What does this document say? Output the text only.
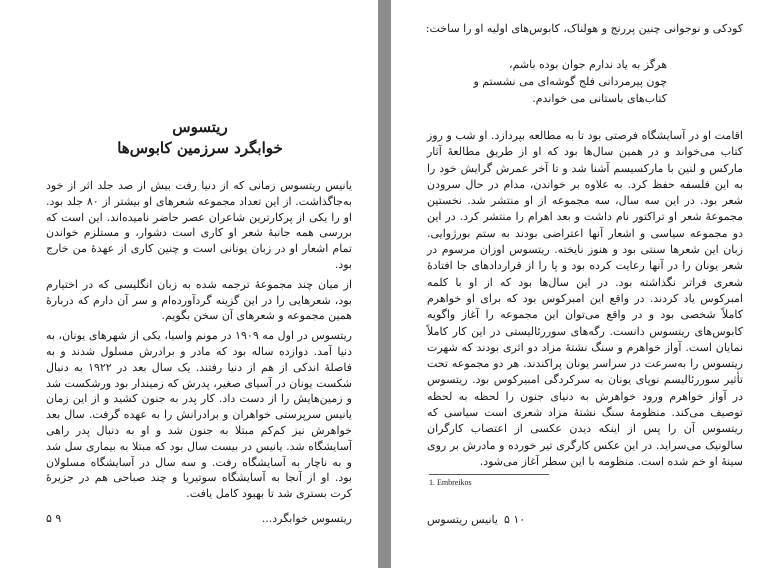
ریتسوس
خوابگرد سرزمین کابوس‌ها

یانیس ریتسوس زمانی که از دنیا رفت بیش از صد جلد اثر از خود به‌جاگذاشت. از این تعداد مجموعه شعرهای او بیشتر از ۸۰ جلد بود. او را یکی از پرکارترین شاعران عصر حاضر نامیده‌اند. این است که بررسی همه جانبهٔ شعر او کاری است دشوار، و مستلزم خواندن تمام اشعار او در زبان یونانی است و چنین کاری از عهدهٔ من خارج بود.

از میان چند مجموعهٔ ترجمه شده به زبان انگلیسی که در اختیارم بود، شعرهایی را در این گزینه گردآورده‌ام و سر آن دارم که درباره‌ٔ همین مجموعه و شعرهای آن سخن بگویم.

ریتسوس در اول مه ۱۹۰۹ در مونم واسیا، یکی از شهرهای یونان، به دنیا آمد. دوازده ساله بود که مادر و برادرش مسلول شدند و به فاصلهٔ اندکی از هم از دنیا رفتند. یک سال بعد در ۱۹۲۲ به دنبال شکست یونان در آسیای صغیر، پدرش که زمیندار بود ورشکست شد و زمین‌هایش را از دست داد. کار پدر به جنون کشید و از این زمان یانیس سرپرستی خواهران و برادرانش را به عهده گرفت. سال بعد خواهرش نیز کم‌کم مبتلا به جنون شد و او به دنبال پدر راهی آسایشگاه شد. یانیس در بیست سال بود که مبتلا به بیماری سل شد و به ناچار به آسایشگاه رفت. و سه سال در آسایشگاه مسلولان بود. او از آنجا به آسایشگاه سوتیریا و چند صباحی هم در جزیرهٔ کرت بستری شد تا بهبود کامل یافت.

ریتسوس خوابگرد...
۹ ۵
کودکی و نوجوانی چنین پررنج و هولناک، کابوس‌های اولیه او را ساخت:
هرگز به یاد ندارم جوان بوده باشم،
چون پیرمردانی فلج گوشه‌ای می نشستم و
کتاب‌های باستانی می خواندم.

اقامت او در آسایشگاه فرصتی بود تا به مطالعه بپردازد. او شب و روز کتاب می‌خواند و در همین سال‌ها بود که او از طریق مطالعهٔ آثار مارکس و لنین با مارکسیسم آشنا شد و تا آخر عمرش گرایش خود را به این فلسفه حفظ کرد. به علاوه بر خواندن، مدام در حال سرودن شعر بود. در این سه سال، سه مجموعه از او منتشر شد. نخستین مجموعهٔ شعر او تراکتور نام داشت و بعد اهرام را منتشر کرد. در این دو مجموعه سیاسی و اشعار آنها اعتراضی بودند به ستم بورژوایی. زبان این شعرها سنتی بود و هنوز نایخته. ریتسوس اوزان مرسوم در شعر یونان را در آنها رعایت کرده بود و پا را از قراردادهای جا افتادهٔ شعری فراتر نگذاشته بود. در این سال‌ها بود که از او با کلمه امبرکوس یاد کردند. در واقع این امبرکوس بود که برای او خواهرم کاملاً شخصی بود و در واقع می‌توان این مجموعه را آغاز واگویه کابوس‌های ریتسوس دانست. رگه‌های سوررئالیستی در این کار کاملاً نمایان است. آواز خواهرم و سنگ نشتهٔ مزاد دو اثری بودند که شهرت ریتسوس را به‌سرعت در سراسر یونان پراکندند. هر دو مجموعه تحت تأثیر سوررئالیسم نوپای یونان به سرکردگی امبیرکوس بود. ریتسوس در آواز خواهرم ورود خواهرش به دنیای جنون را لحظه به لحظه توصیف می‌کند. منظومهٔ سنگ نشتهٔ مزاد شعری است سیاسی که ریتسوس آن را پس از اینکه دیدن عکسی از اعتصاب کارگران سالونیک می‌سراید. در این عکس کارگری تیر خورده و مادرش بر روی سینهٔ او خم شده است. منظومه با این سطر آغاز می‌شود.

1. Embreikos
یانیس ریتسوس ۱۰ ۵
